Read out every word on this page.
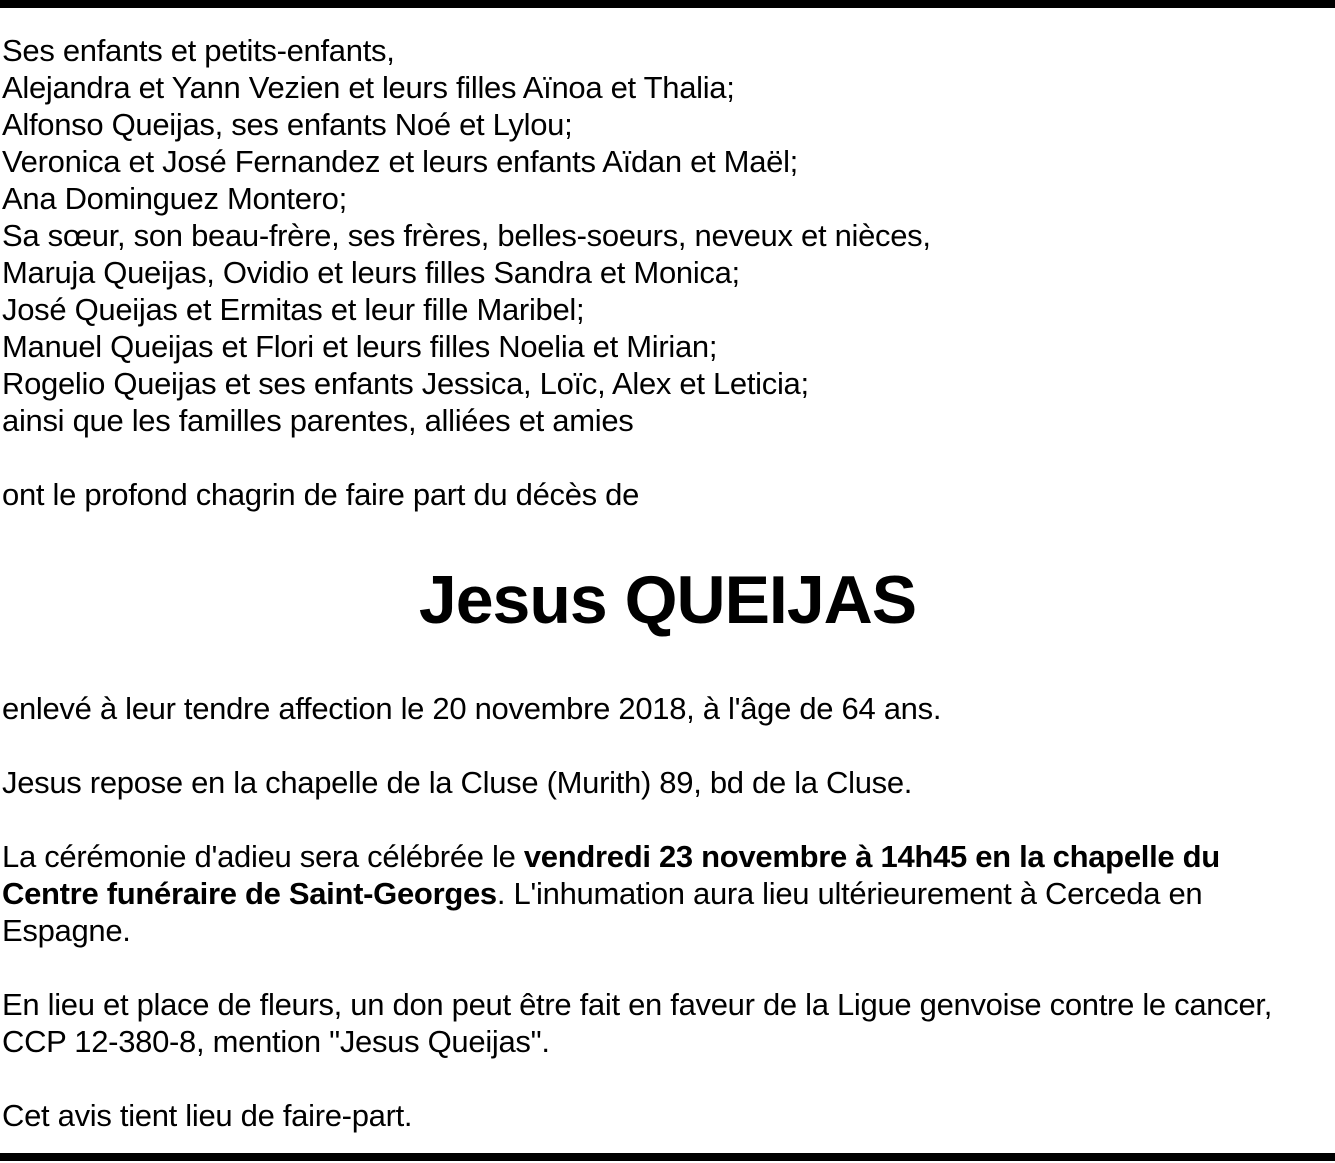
Ses enfants et petits-enfants,
Alejandra et Yann Vezien et leurs filles Aïnoa et Thalia;
Alfonso Queijas, ses enfants Noé et Lylou;
Veronica et José Fernandez et leurs enfants Aïdan et Maël;
Ana Dominguez Montero;
Sa sœur, son beau-frère, ses frères, belles-soeurs, neveux et nièces,
Maruja Queijas, Ovidio et leurs filles Sandra et Monica;
José Queijas et Ermitas et leur fille Maribel;
Manuel Queijas et Flori et leurs filles Noelia et Mirian;
Rogelio Queijas et ses enfants Jessica, Loïc, Alex et Leticia;
ainsi que les familles parentes, alliées et amies
ont le profond chagrin de faire part du décès de
Jesus QUEIJAS

enlevé à leur tendre affection le 20 novembre 2018, à l'âge de 64 ans.

Jesus repose en la chapelle de la Cluse (Murith) 89, bd de la Cluse.

La cérémonie d'adieu sera célébrée le vendredi 23 novembre à 14h45 en la chapelle du Centre funéraire de Saint-Georges. L'inhumation aura lieu ultérieurement à Cerceda en Espagne.

En lieu et place de fleurs, un don peut être fait en faveur de la Ligue genvoise contre le cancer, CCP 12-380-8, mention "Jesus Queijas".

Cet avis tient lieu de faire-part.
